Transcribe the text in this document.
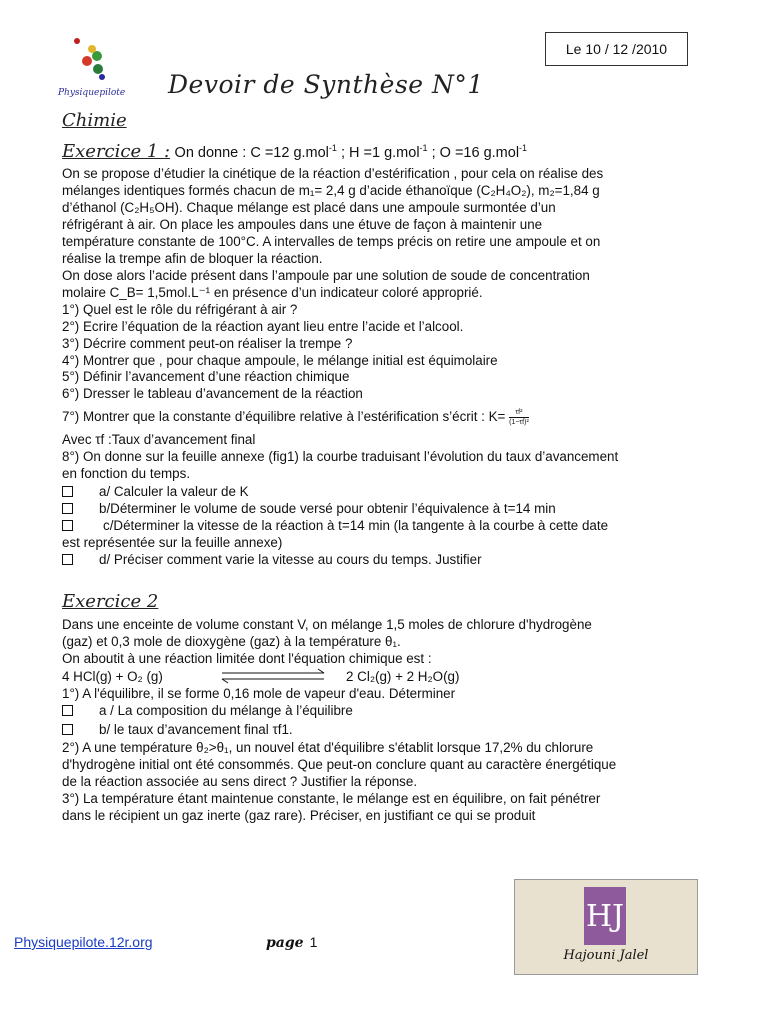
Physiquepilote
Le 10 / 12 /2010
Devoir de Synthèse N°1
Chimie
Exercice 1 : On donne : C =12 g.mol$^{-1}$ ; H =1 g.mol$^{-1}$ ; O =16 g.mol$^{-1}$
On se propose d’étudier la cinétique de la réaction d’estérification , pour cela on réalise des
mélanges identiques formés chacun de m₁= 2,4 g d’acide éthanoïque (C₂H₄O₂), m₂=1,84 g
d’éthanol (C₂H₅OH). Chaque mélange est placé dans une ampoule surmontée d’un
réfrigérant à air. On place les ampoules dans une étuve de façon à maintenir une
température constante de 100°C. A intervalles de temps précis on retire une ampoule et on
réalise la trempe afin de bloquer la réaction.
On dose alors l’acide présent dans l’ampoule par une solution de soude de concentration
molaire C_B= 1,5mol.L⁻¹ en présence d’un indicateur coloré approprié.
1°) Quel est le rôle du réfrigérant à air ?
2°) Ecrire l’équation de la réaction ayant lieu entre l’acide et l’alcool.
3°) Décrire comment peut-on réaliser la trempe ?
4°) Montrer que , pour chaque ampoule, le mélange initial est équimolaire
5°) Définir l’avancement d’une réaction chimique
6°) Dresser le tableau d’avancement de la réaction
7°) Montrer que la constante d’équilibre relative à l’estérification s’écrit : $K= \frac{\text{τf²}}{\text{(1−τf)²}}$
Avec τf :Taux d’avancement final
8°) On donne sur la feuille annexe (fig1) la courbe traduisant l’évolution du taux d’avancement
en fonction du temps.
a/ Calculer la valeur de K
b/Déterminer le volume de soude versé pour obtenir l’équivalence à t=14 min
c/Déterminer la vitesse de la réaction à t=14 min (la tangente à la courbe à cette date
est représentée sur la feuille annexe)
d/ Préciser comment varie la vitesse au cours du temps. Justifier
Exercice 2
Dans une enceinte de volume constant V, on mélange 1,5 moles de chlorure d'hydrogène
(gaz) et 0,3 mole de dioxygène (gaz) à la température θ₁.
On aboutit à une réaction limitée dont l'équation chimique est :
4 HCl(g) + O₂ (g)	2 Cl₂(g) + 2 H₂O(g)
1°) A l'équilibre, il se forme 0,16 mole de vapeur d'eau. Déterminer
a / La composition du mélange à l’équilibre
b/ le taux d’avancement final τf1.
2°) A une température θ₂>θ₁, un nouvel état d'équilibre s'établit lorsque 17,2% du chlorure
d'hydrogène initial ont été consommés. Que peut-on conclure quant au caractère énergétique
de la réaction associée au sens direct ? Justifier la réponse.
3°) La température étant maintenue constante, le mélange est en équilibre, on fait pénétrer
dans le récipient un gaz inerte (gaz rare). Préciser, en justifiant ce qui se produit
Physiquepilote.12r.org	page 1
HJ
Hajouni Jalel
